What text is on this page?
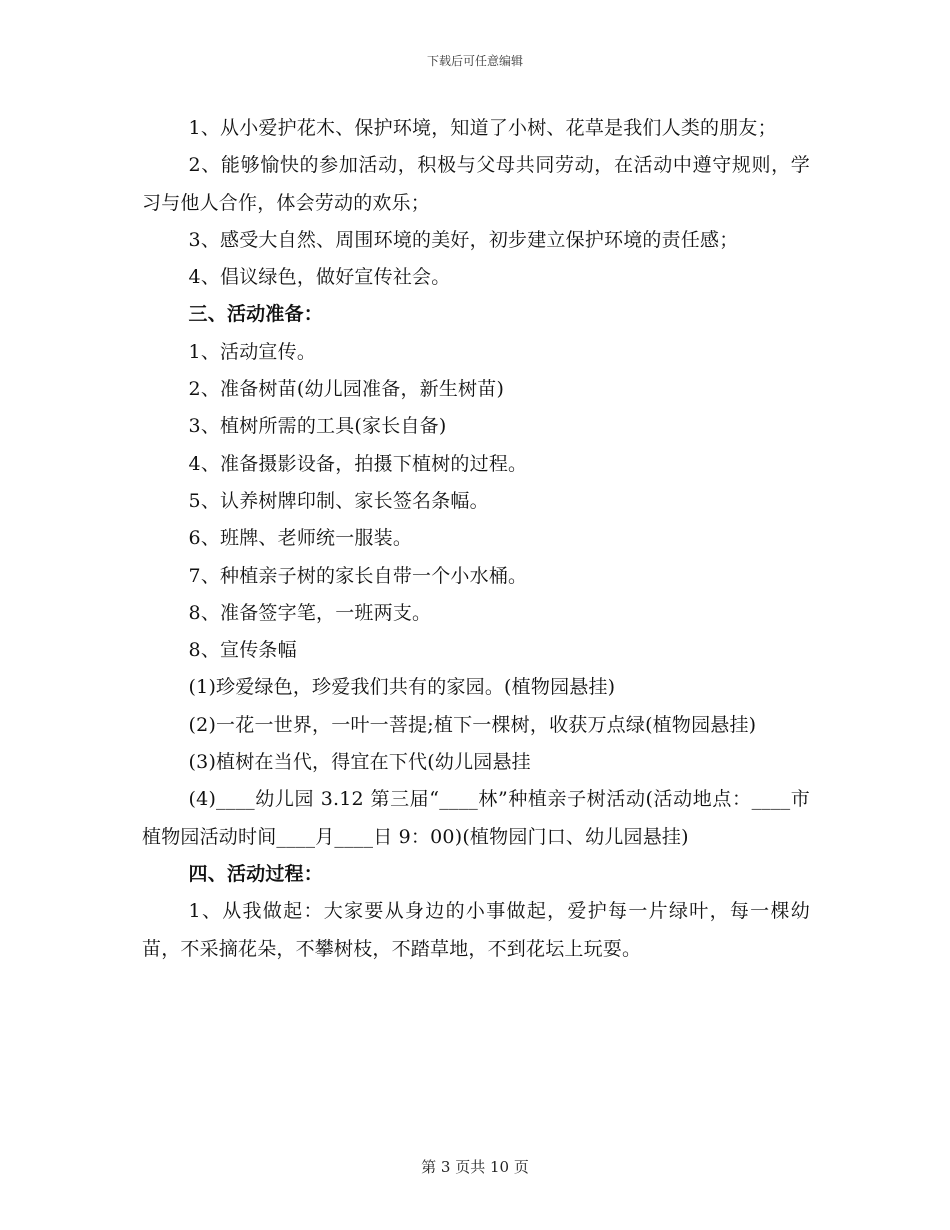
下载后可任意编辑

1、从小爱护花木、保护环境，知道了小树、花草是我们人类的朋友；

2、能够愉快的参加活动，积极与父母共同劳动，在活动中遵守规则，学习与他人合作，体会劳动的欢乐；

3、感受大自然、周围环境的美好，初步建立保护环境的责任感；

4、倡议绿色，做好宣传社会。

三、活动准备：

1、活动宣传。

2、准备树苗(幼儿园准备，新生树苗)

3、植树所需的工具(家长自备)

4、准备摄影设备，拍摄下植树的过程。

5、认养树牌印制、家长签名条幅。

6、班牌、老师统一服装。

7、种植亲子树的家长自带一个小水桶。

8、准备签字笔，一班两支。

8、宣传条幅

(1)珍爱绿色，珍爱我们共有的家园。(植物园悬挂)

(2)一花一世界，一叶一菩提;植下一棵树，收获万点绿(植物园悬挂)

(3)植树在当代，得宜在下代(幼儿园悬挂

(4)____幼儿园 3.12 第三届“____林”种植亲子树活动(活动地点：____市植物园活动时间____月____日 9：00)(植物园门口、幼儿园悬挂)

四、活动过程：

1、从我做起：大家要从身边的小事做起，爱护每一片绿叶，每一棵幼苗，不采摘花朵，不攀树枝，不踏草地，不到花坛上玩耍。

第 3 页共 10 页
